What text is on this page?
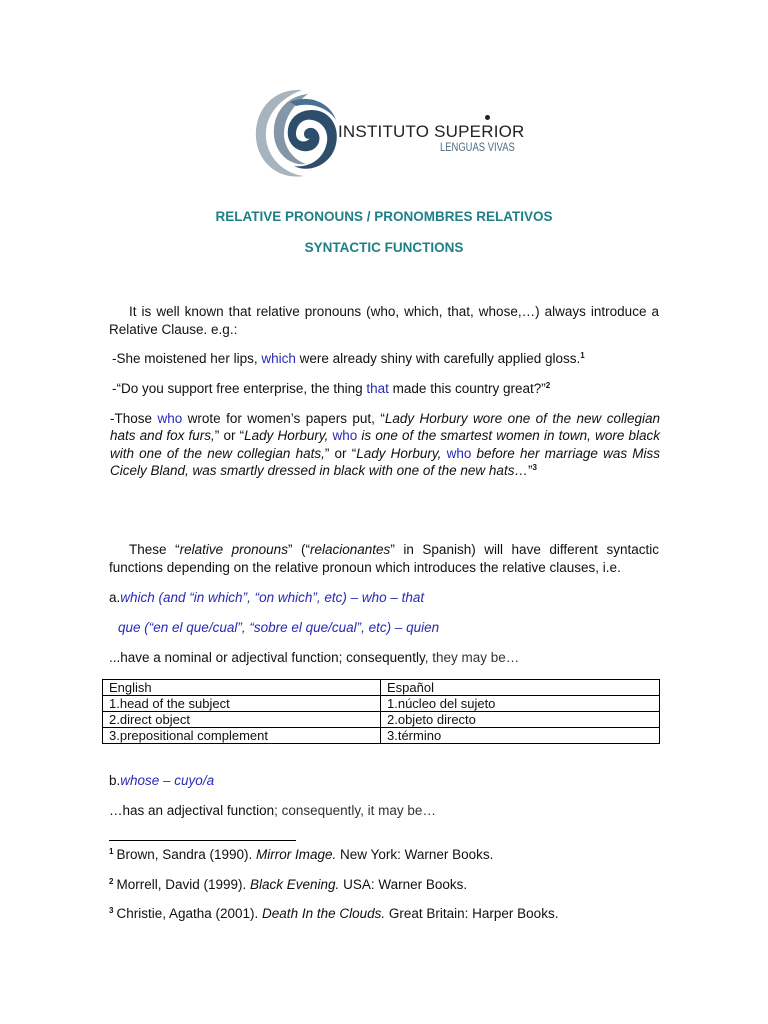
INSTITUTO SUPERIOR
LENGUAS VIVAS
RELATIVE PRONOUNS / PRONOMBRES RELATIVOS
SYNTACTIC FUNCTIONS

It is well known that relative pronouns (who, which, that, whose,…) always introduce a Relative Clause. e.g.:

-She moistened her lips, which were already shiny with carefully applied gloss.$^1$

-“Do you support free enterprise, the thing that made this country great?”$^2$

-Those who wrote for women’s papers put, “Lady Horbury wore one of the new collegian hats and fox furs,” or “Lady Horbury, who is one of the smartest women in town, wore black with one of the new collegian hats,” or “Lady Horbury, who before her marriage was Miss Cicely Bland, was smartly dressed in black with one of the new hats…”$^3$

These “relative pronouns” (“relacionantes” in Spanish) will have different syntactic functions depending on the relative pronoun which introduces the relative clauses, i.e.

a.which (and “in which”, “on which”, etc) – who – that

que (“en el que/cual”, “sobre el que/cual”, etc) – quien

...have a nominal or adjectival function; consequently, they may be…

English	Español
1.head of the subject	1.núcleo del sujeto
2.direct object	2.objeto directo
3.prepositional complement	3.término

b.whose – cuyo/a

…has an adjectival function; consequently, it may be…

$^1$ Brown, Sandra (1990). Mirror Image. New York: Warner Books.
$^2$ Morrell, David (1999). Black Evening. USA: Warner Books.
$^3$ Christie, Agatha (2001). Death In the Clouds. Great Britain: Harper Books.
